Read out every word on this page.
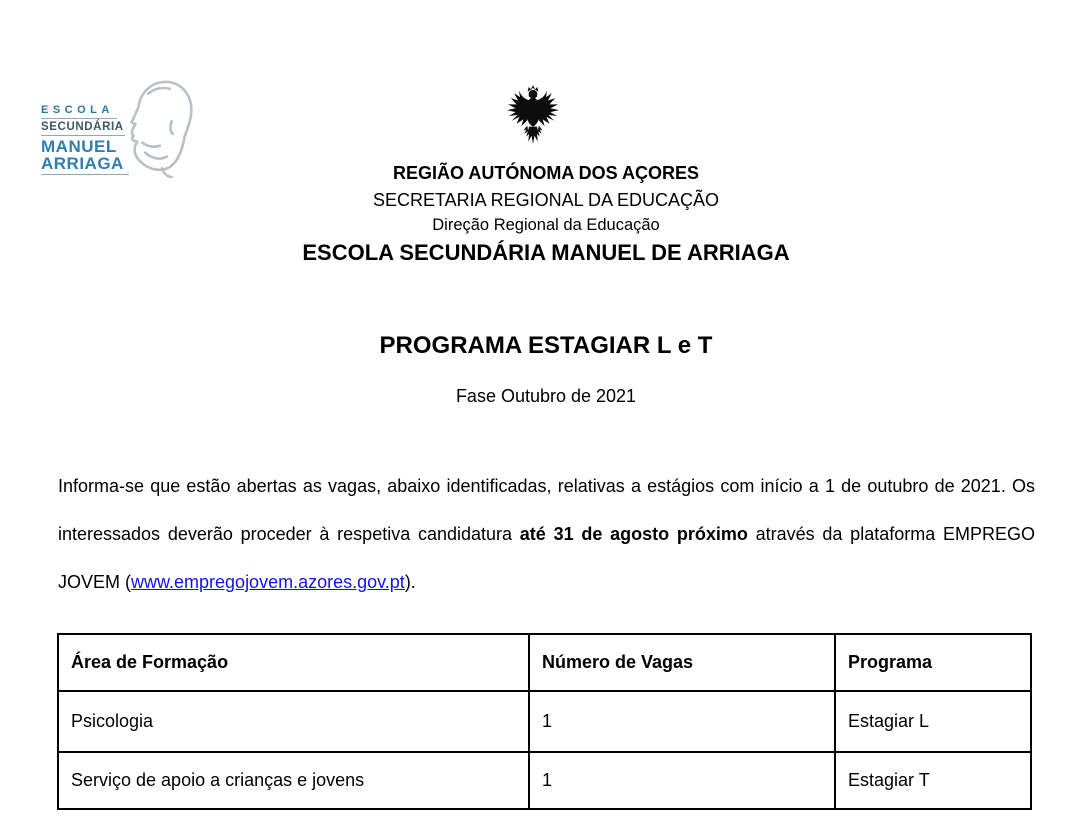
ESCOLA
SECUNDÁRIA
MANUEL
ARRIAGA	REGIÃO AUTÓNOMA DOS AÇORES
SECRETARIA REGIONAL DA EDUCAÇÃO
Direção Regional da Educação
ESCOLA SECUNDÁRIA MANUEL DE ARRIAGA
PROGRAMA ESTAGIAR L e T
Fase Outubro de 2021

Informa-se que estão abertas as vagas, abaixo identificadas, relativas a estágios com início a 1 de outubro de 2021. Os interessados deverão proceder à respetiva candidatura até 31 de agosto próximo através da plataforma EMPREGO JOVEM (www.empregojovem.azores.gov.pt).

Área de Formação	Número de Vagas	Programa
Psicologia	1	Estagiar L
Serviço de apoio a crianças e jovens	1	Estagiar T
